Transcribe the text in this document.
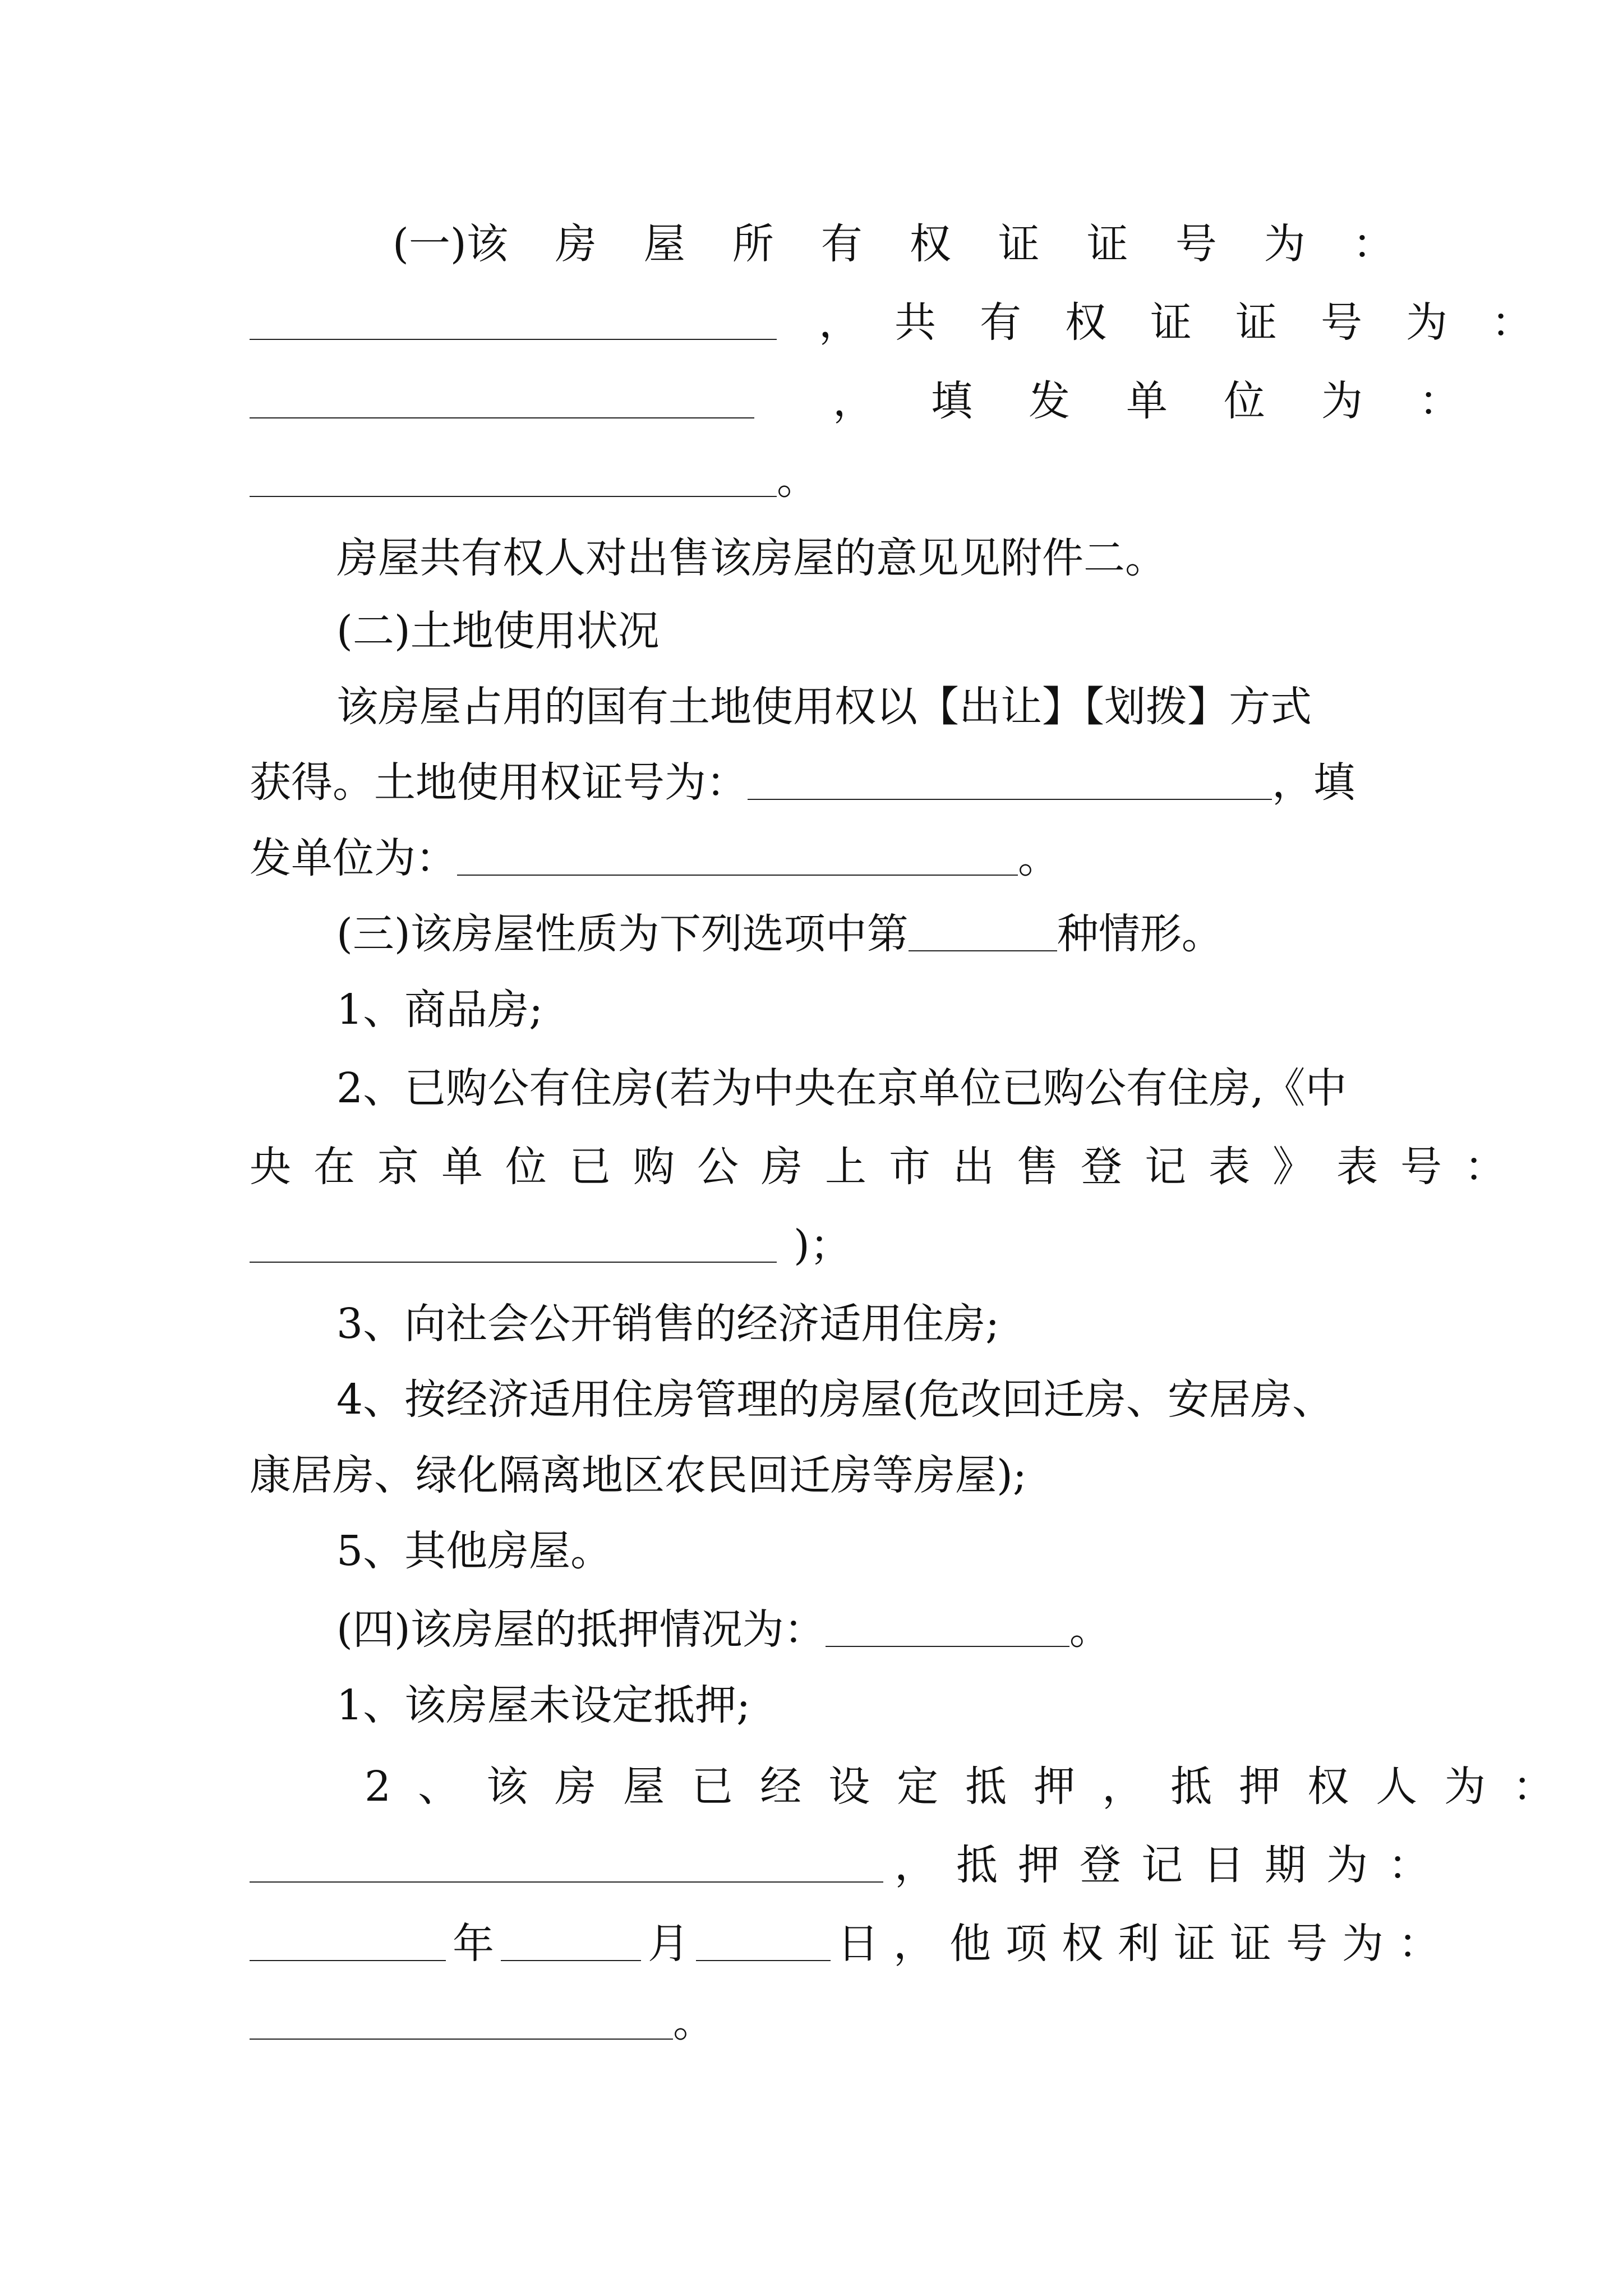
( 一 ) 该房屋所有权证证号为：
， 共有权证证号为：
， 填发单位为：
。
房屋共有权人对出售该房屋的意见见附件二。
(二)土地使用状况
该房屋占用的国有土地使用权以【出让】【划拨】方式
获得。土地使用权证号为：	，填
发单位为：	。
(三)该房屋性质为下列选项中第	种情形。
1、商品房;
2、已购公有住房(若为中央在京单位已购公有住房,《中
央在京单位已购公房上市出售登记表》表号：
)；
3、向社会公开销售的经济适用住房;
4、按经济适用住房管理的房屋(危改回迁房、安居房、
康居房、绿化隔离地区农民回迁房等房屋);
5、其他房屋。
(四)该房屋的抵押情况为：	。
1、该房屋未设定抵押;
2、该房屋已经设定抵押，抵押权人为：
，抵押登记日期为：
年	月	日，他项权利证证号为：
。
